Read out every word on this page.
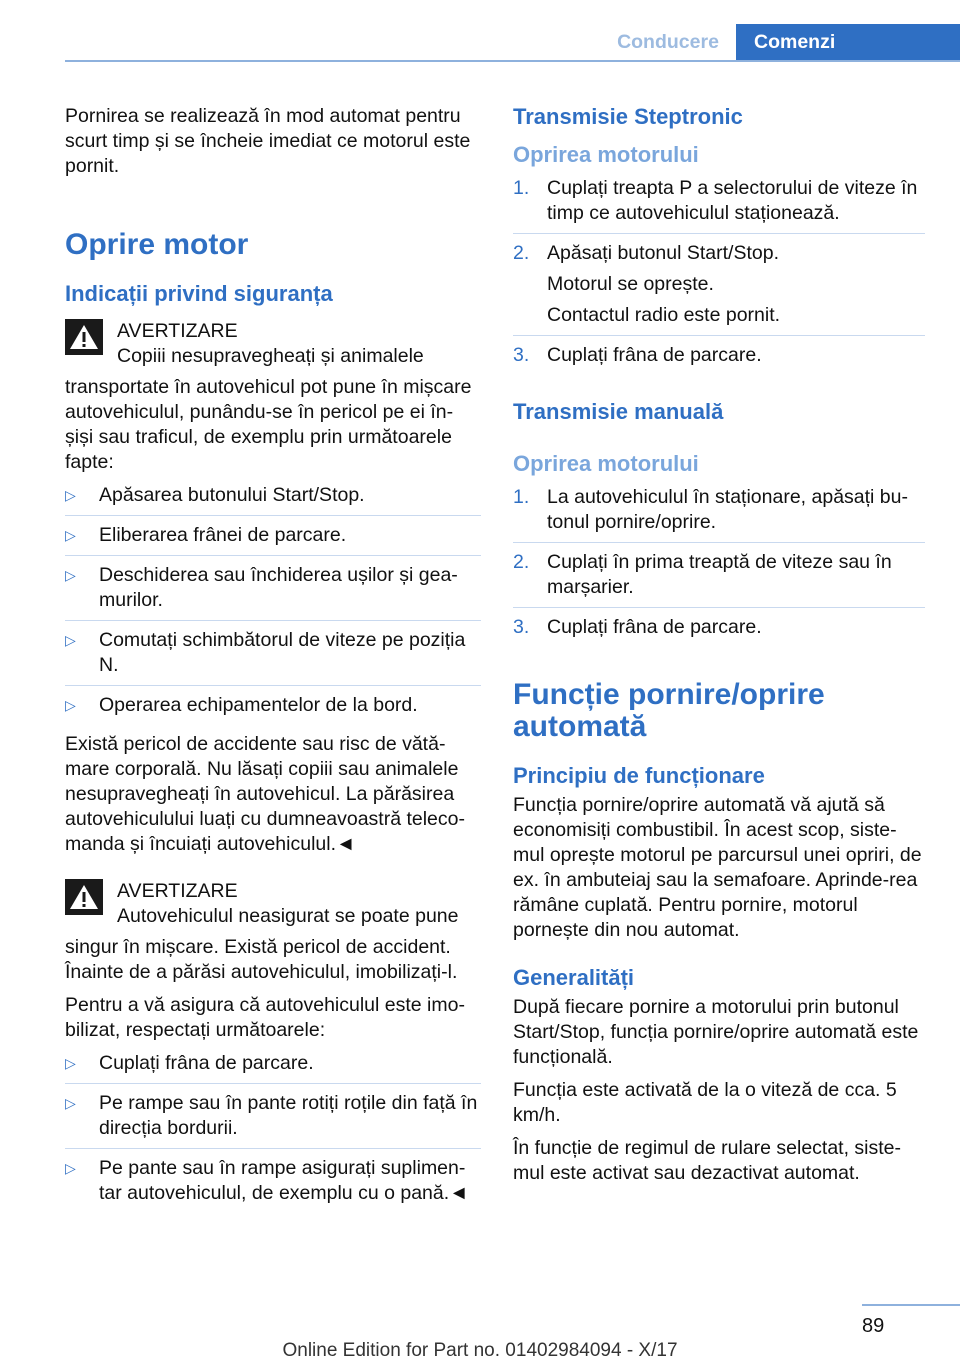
Conducere	Comenzi

Pornirea se realizează în mod automat pentru scurt timp și se încheie imediat ce motorul este pornit.

Oprire motor
Indicații privind siguranța
AVERTIZARE
Copiii nesupravegheați și animalele

transportate în autovehicul pot pune în mișcare autovehiculul, punându-se în pericol pe ei în-șiși sau traficul, de exemplu prin următoarele fapte:

▷ Apăsarea butonului Start/Stop.
▷ Eliberarea frânei de parcare.
▷ Deschiderea sau închiderea ușilor și gea-murilor.
▷ Comutați schimbătorul de viteze pe poziția N.
▷ Operarea echipamentelor de la bord.

Există pericol de accidente sau risc de vătă-mare corporală. Nu lăsați copiii sau animalele nesupravegheați în autovehicul. La părăsirea autovehiculului luați cu dumneavoastră teleco-manda și încuiați autovehiculul.◄

AVERTIZARE
Autovehiculul neasigurat se poate pune

singur în mișcare. Există pericol de accident. Înainte de a părăsi autovehiculul, imobilizați-l.

Pentru a vă asigura că autovehiculul este imo-bilizat, respectați următoarele:

▷ Cuplați frâna de parcare.
▷ Pe rampe sau în pante rotiți roțile din față în direcția bordurii.
▷ Pe pante sau în rampe asigurați suplimen-tar autovehiculul, de exemplu cu o pană.◄
Transmisie Steptronic
Oprirea motorului
1. Cuplați treapta P a selectorului de viteze în timp ce autovehiculul staționează.
2. Apăsați butonul Start/Stop.
Motorul se oprește.
Contactul radio este pornit.
3. Cuplați frâna de parcare.
Transmisie manuală
Oprirea motorului
1. La autovehiculul în staționare, apăsați bu-tonul pornire/oprire.
2. Cuplați în prima treaptă de viteze sau în marșarier.
3. Cuplați frâna de parcare.
Funcție pornire/oprire automată
Principiu de funcționare

Funcția pornire/oprire automată vă ajută să economisiți combustibil. În acest scop, siste-mul oprește motorul pe parcursul unei opriri, de ex. în ambuteiaj sau la semafoare. Aprinde-rea rămâne cuplată. Pentru pornire, motorul pornește din nou automat.

Generalități

După fiecare pornire a motorului prin butonul Start/Stop, funcția pornire/oprire automată este funcțională.

Funcția este activată de la o viteză de cca. 5 km/h.

În funcție de regimul de rulare selectat, siste-mul este activat sau dezactivat automat.

89
Online Edition for Part no. 01402984094 - X/17
